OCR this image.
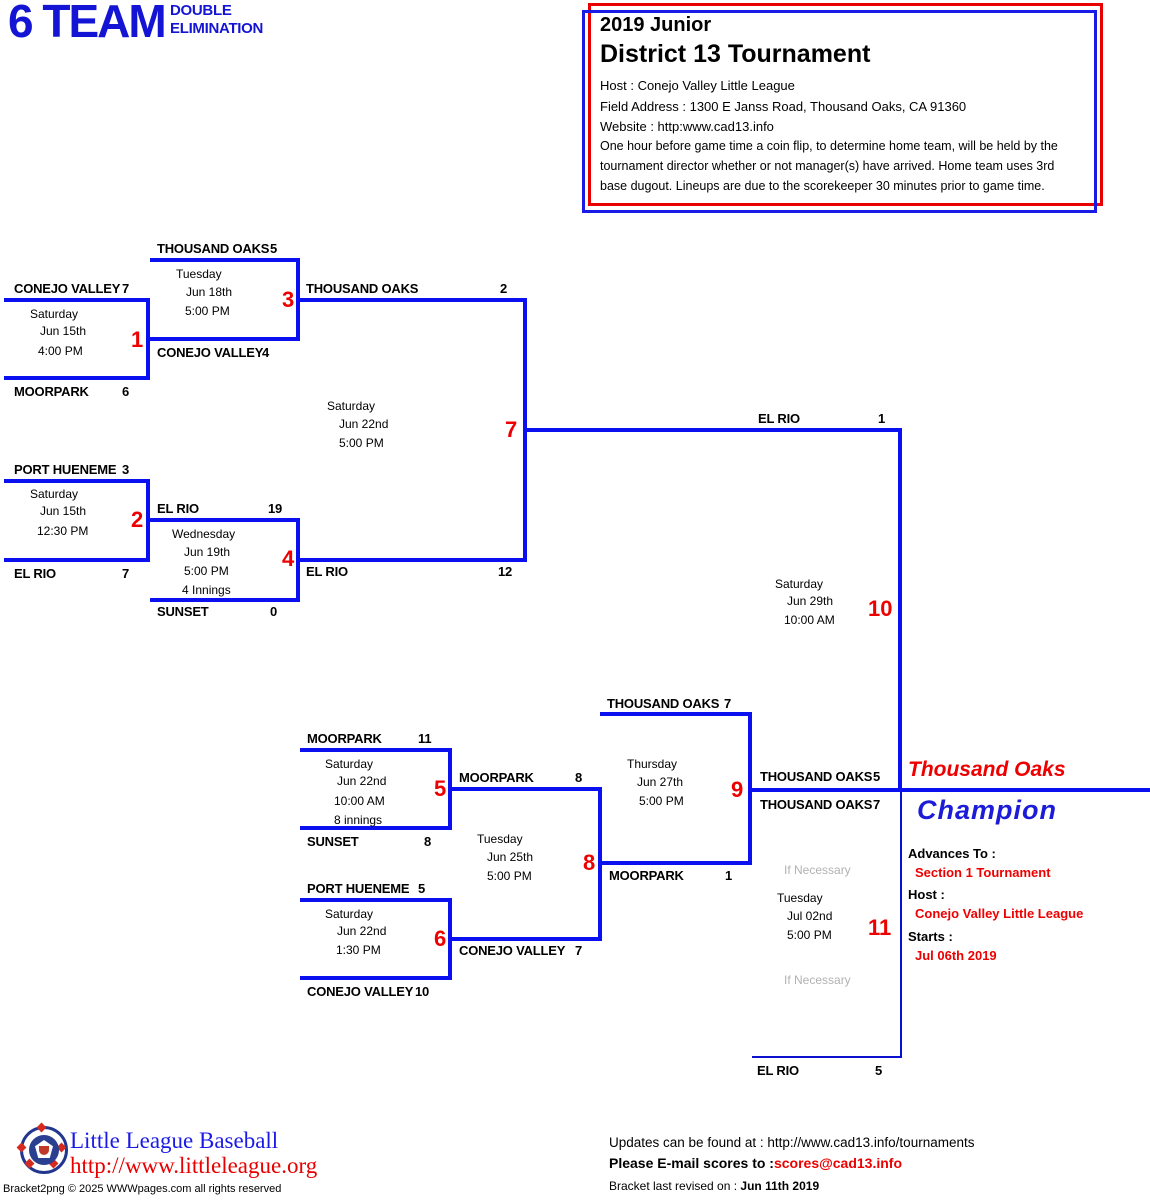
6 TEAM DOUBLE
ELIMINATION	2019 Junior
District 13 Tournament
Host : Conejo Valley Little League
Field Address : 1300 E Janss Road, Thousand Oaks, CA 91360
Website : http:www.cad13.info
One hour before game time a coin flip, to determine home team, will be held by the
tournament director whether or not manager(s) have arrived. Home team uses 3rd
base dugout. Lineups are due to the scorekeeper 30 minutes prior to game time.
1
2
3
4
5
6
7
8
9
10
11
CONEJO VALLEY 7
MOORPARK	6
THOUSAND OAKS 5
CONEJO VALLEY
4
THOUSAND OAKS	2
PORT HUENEME 3
EL RIO	7
EL RIO	19
SUNSET	0
EL RIO	12
EL RIO	1
MOORPARK	11
SUNSET	8
MOORPARK	8
PORT HUENEME 5
CONEJO VALLEY 10
CONEJO VALLEY 7
THOUSAND OAKS 7
MOORPARK	1
THOUSAND OAKS 5
THOUSAND OAKS 7
EL RIO	5
Saturday
Jun 15th
4:00 PM
Saturday
Jun 15th
12:30 PM
Tuesday
Jun 18th
5:00 PM
Wednesday
Jun 19th
5:00 PM
4 Innings
Saturday
Jun 22nd
10:00 AM
8 innings
Saturday
Jun 22nd
1:30 PM
Saturday
Jun 22nd
5:00 PM
Tuesday
Jun 25th
5:00 PM
Thursday
Jun 27th
5:00 PM
Saturday
Jun 29th
10:00 AM
If Necessary
Tuesday
Jul 02nd
5:00 PM
If Necessary
Thousand Oaks
Champion
Advances To :
Section 1 Tournament
Host :
Conejo Valley Little League
Starts :
Jul 06th 2019
Little League Baseball
http://www.littleleague.org
Bracket2png © 2025 WWWpages.com all rights reserved
Updates can be found at : http://www.cad13.info/tournaments
Please E-mail scores to :scores@cad13.info
Bracket last revised on : Jun 11th 2019
